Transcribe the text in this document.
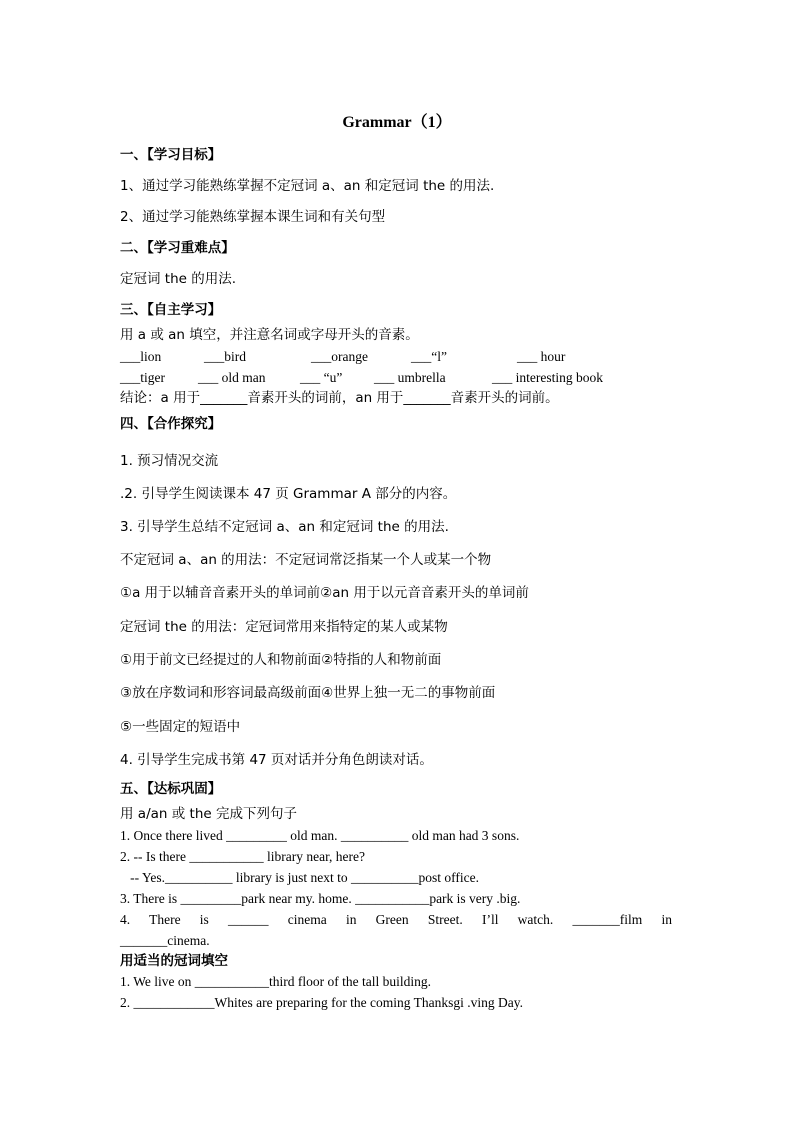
Grammar（1）
一、【学习目标】
1、通过学习能熟练掌握不定冠词 a、an 和定冠词 the 的用法.
2、通过学习能熟练掌握本课生词和有关句型
二、【学习重难点】
定冠词 the 的用法.
三、【自主学习】
用 a 或 an 填空，并注意名词或字母开头的音素。
___lion	___bird	___orange	___“l”	___ hour
___tiger ___ old man	___ “u” ___ umbrella	___ interesting book
结论：a 用于_______音素开头的词前，an 用于_______音素开头的词前。
四、【合作探究】
1. 预习情况交流
.2. 引导学生阅读课本 47 页 Grammar A 部分的内容。
3. 引导学生总结不定冠词 a、an 和定冠词 the 的用法.
不定冠词 a、an 的用法：不定冠词常泛指某一个人或某一个物
①a 用于以辅音音素开头的单词前②an 用于以元音音素开头的单词前
定冠词 the 的用法：定冠词常用来指特定的某人或某物
①用于前文已经提过的人和物前面②特指的人和物前面
③放在序数词和形容词最高级前面④世界上独一无二的事物前面
⑤一些固定的短语中
4. 引导学生完成书第 47 页对话并分角色朗读对话。
五、【达标巩固】
用 a/an 或 the 完成下列句子
1. Once there lived _________ old man. __________ old man had 3 sons.
2. -- Is there ___________ library near, here?
-- Yes.__________ library is just next to __________post office.
3. There is _________park near my. home. ___________park is very .big.
4. There is ______ cinema in Green Street. I’ll watch. _______film in
_______cinema.
用适当的冠词填空
1. We live on ___________third floor of the tall building.
2. ____________Whites are preparing for the coming Thanksgi .ving Day.
